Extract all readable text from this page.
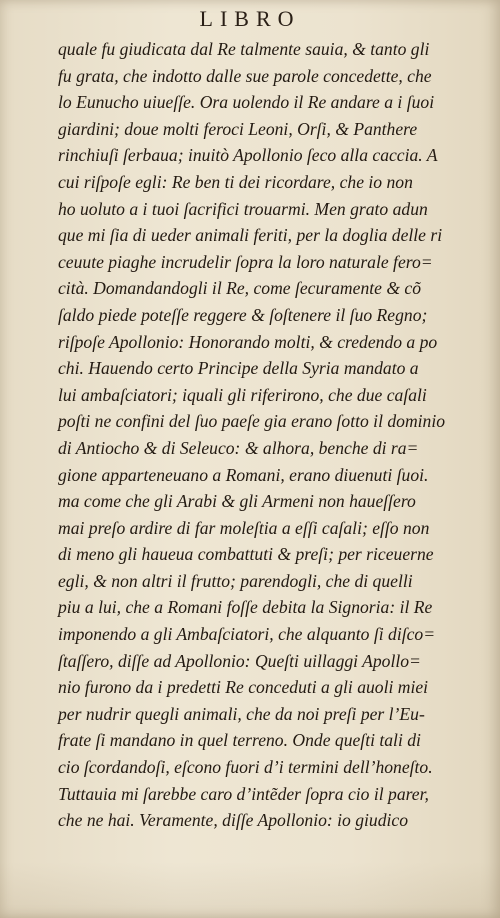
LIBRO
quale fu giudicata dal Re talmente sauia, & tanto gli
fu grata, che indotto dalle sue parole concedette, che
lo Eunucho uiueſſe. Ora uolendo il Re andare a i ſuoi
giardini; doue molti feroci Leoni, Orſi, & Panthere
rinchiuſi ſerbaua; inuitò Apollonio ſeco alla caccia. A
cui riſpoſe egli: Re ben ti dei ricordare, che io non
ho uoluto a i tuoi ſacrifici trouarmi. Men grato adun
que mi ſia di ueder animali feriti, per la doglia delle ri
ceuute piaghe incrudelir ſopra la loro naturale fero=
cità. Domandandogli il Re, come ſecuramente & cõ
ſaldo piede poteſſe reggere & ſoſtenere il ſuo Regno;
riſpoſe Apollonio: Honorando molti, & credendo a po
chi. Hauendo certo Principe della Syria mandato a
lui ambaſciatori; iquali gli riferirono, che due caſali
poſti ne confini del ſuo paeſe gia erano ſotto il dominio
di Antiocho & di Seleuco: & alhora, benche di ra=
gione apparteneuano a Romani, erano diuenuti ſuoi.
ma come che gli Arabi & gli Armeni non haueſſero
mai preſo ardire di far moleſtia a eſſi caſali; eſſo non
di meno gli haueua combattuti & preſi; per riceuerne
egli, & non altri il frutto; parendogli, che di quelli
piu a lui, che a Romani foſſe debita la Signoria: il Re
imponendo a gli Ambaſciatori, che alquanto ſi diſco=
ſtaſſero, diſſe ad Apollonio: Queſti uillaggi Apollo=
nio furono da i predetti Re conceduti a gli auoli miei
per nudrir quegli animali, che da noi preſi per l’Eu-
frate ſi mandano in quel terreno. Onde queſti tali di
cio ſcordandoſi, eſcono fuori d’i termini dell’honeſto.
Tuttauia mi ſarebbe caro d’intẽder ſopra cio il parer,
che ne hai. Veramente, diſſe Apollonio: io giudico
